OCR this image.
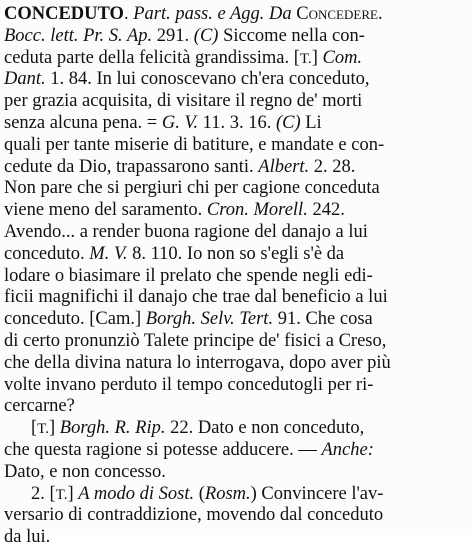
CONCEDUTO. Part. pass. e Agg. Da Concedere.
Bocc. lett. Pr. S. Ap. 291. (C) Siccome nella con-
ceduta parte della felicità grandissima. [T.] Com.
Dant. 1. 84. In lui conoscevano ch'era conceduto,
per grazia acquisita, di visitare il regno de' morti
senza alcuna pena. = G. V. 11. 3. 16. (C) Li
quali per tante miserie di batiture, e mandate e con-
cedute da Dio, trapassarono santi. Albert. 2. 28.
Non pare che si pergiuri chi per cagione conceduta
viene meno del saramento. Cron. Morell. 242.
Avendo... a render buona ragione del danajo a lui
conceduto. M. V. 8. 110. Io non so s'egli s'è da
lodare o biasimare il prelato che spende negli edi-
ficii magnifichi il danajo che trae dal beneficio a lui
conceduto. [Cam.] Borgh. Selv. Tert. 91. Che cosa
di certo pronunziò Talete principe de' fisici a Creso,
che della divina natura lo interrogava, dopo aver più
volte invano perduto il tempo concedutogli per ri-
cercarne?
[T.] Borgh. R. Rip. 22. Dato e non conceduto,
che questa ragione si potesse adducere. — Anche:
Dato, e non concesso.
2. [T.] A modo di Sost. (Rosm.) Convincere l'av-
versario di contraddizione, movendo dal conceduto
da lui.
